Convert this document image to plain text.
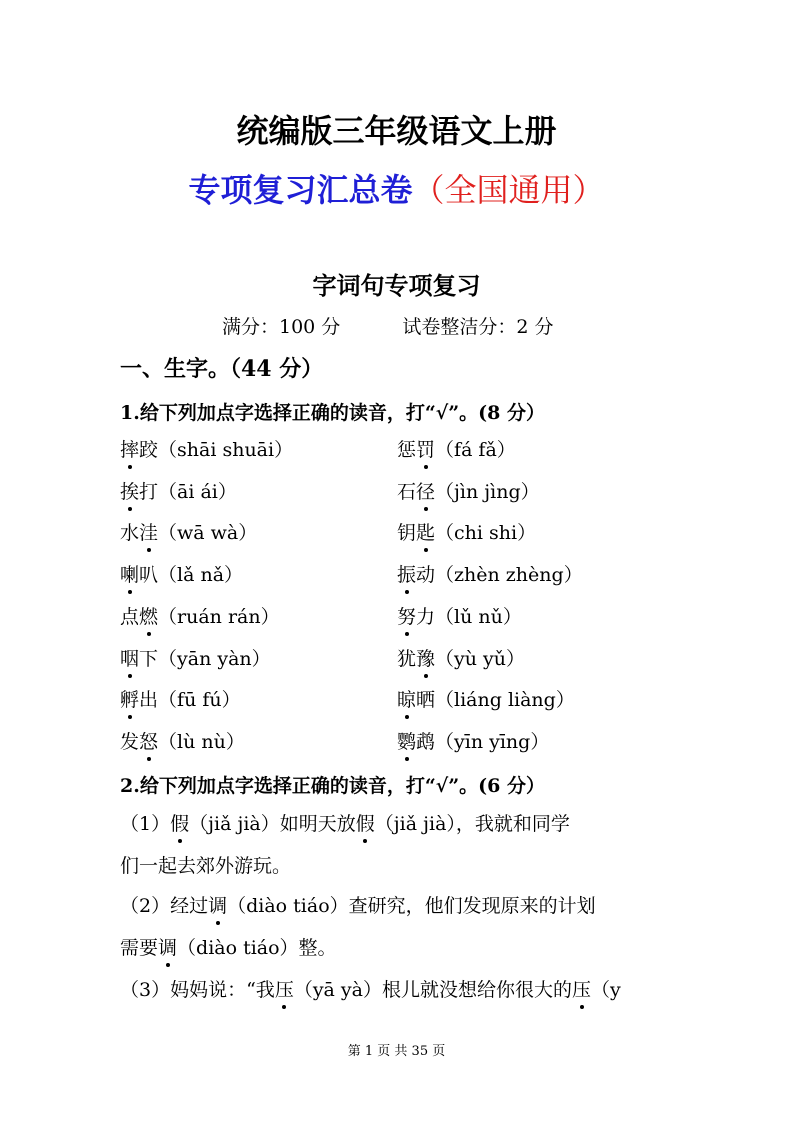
统编版三年级语文上册
专项复习汇总卷（全国通用）
字词句专项复习
满分：100 分	试卷整洁分：2 分
一、生字。（44 分）
1.给下列加点字选择正确的读音，打“√”。(8 分）
摔跤（shāi shuāi）
挨打（āi ái）
水洼（wā wà）
喇叭（lǎ nǎ）
点燃（ruán rán）
咽下（yān yàn）
孵出（fū fú）
发怒（lù nù）
惩罚（fá fǎ）
石径（jìn jìng）
钥匙（chi shi）
振动（zhèn zhèng）
努力（lǔ nǔ）
犹豫（yù yǔ）
晾晒（liáng liàng）
鹦鹉（yīn yīng）
2.给下列加点字选择正确的读音，打“√”。(6 分）
（1）假（jiǎ jià）如明天放假（jiǎ jià），我就和同学
们一起去郊外游玩。
（2）经过调（diào tiáo）查研究，他们发现原来的计划
需要调（diào tiáo）整。
（3）妈妈说：“我压（yā yà）根儿就没想给你很大的压（y
第 1 页 共 35 页
